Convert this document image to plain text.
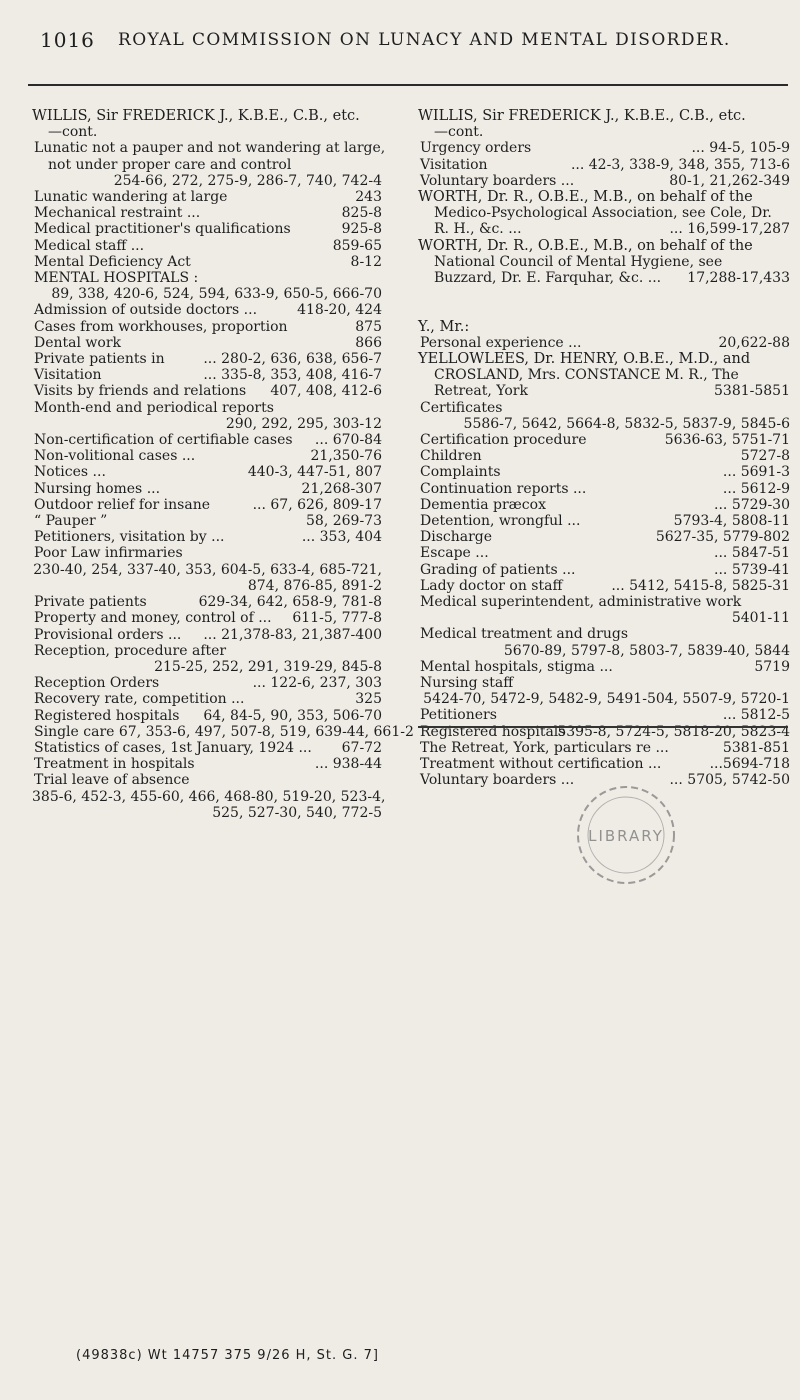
1016 ROYAL COMMISSION ON LUNACY AND MENTAL DISORDER.
WILLIS, Sir FREDERICK J., K.B.E., C.B., etc.
—cont.
Lunatic not a pauper and not wandering at large,
not under proper care and control
254-66, 272, 275-9, 286-7, 740, 742-4
Lunatic wandering at large	243
Mechanical restraint ...	825-8
Medical practitioner's qualifications	925-8
Medical staff ...	859-65
Mental Deficiency Act	8-12
MENTAL HOSPITALS :
89, 338, 420-6, 524, 594, 633-9, 650-5, 666-70
Admission of outside doctors ...	418-20, 424
Cases from workhouses, proportion	875
Dental work	866
Private patients in	... 280-2, 636, 638, 656-7
Visitation	... 335-8, 353, 408, 416-7
Visits by friends and relations 407, 408, 412-6
Month-end and periodical reports
290, 292, 295, 303-12
Non-certification of certifiable cases ... 670-84
Non-volitional cases ...	21,350-76
Notices ...	440-3, 447-51, 807
Nursing homes ...	21,268-307
Outdoor relief for insane	... 67, 626, 809-17
“ Pauper ”	58, 269-73
Petitioners, visitation by ...	... 353, 404
Poor Law infirmaries
230-40, 254, 337-40, 353, 604-5, 633-4, 685-721,
874, 876-85, 891-2
Private patients	629-34, 642, 658-9, 781-8
Property and money, control of ... 611-5, 777-8
Provisional orders ... ... 21,378-83, 21,387-400
Reception, procedure after
215-25, 252, 291, 319-29, 845-8
Reception Orders	... 122-6, 237, 303
Recovery rate, competition ...	325
Registered hospitals 64, 84-5, 90, 353, 506-70
Single care 67, 353-6, 497, 507-8, 519, 639-44, 661-2
Statistics of cases, 1st January, 1924 ... 67-72
Treatment in hospitals	... 938-44
Trial leave of absence
385-6, 452-3, 455-60, 466, 468-80, 519-20, 523-4,
525, 527-30, 540, 772-5
WILLIS, Sir FREDERICK J., K.B.E., C.B., etc.
—cont.
Urgency orders	... 94-5, 105-9
Visitation	... 42-3, 338-9, 348, 355, 713-6
Voluntary boarders ...	80-1, 21,262-349
WORTH, Dr. R., O.B.E., M.B., on behalf of the
Medico-Psychological Association, see Cole, Dr.
R. H., &c. ...	... 16,599-17,287
WORTH, Dr. R., O.B.E., M.B., on behalf of the
National Council of Mental Hygiene, see
Buzzard, Dr. E. Farquhar, &c. ... 17,288-17,433
Y., Mr.:
Personal experience ...	20,622-88
YELLOWLEES, Dr. HENRY, O.B.E., M.D., and
CROSLAND, Mrs. CONSTANCE M. R., The
Retreat, York	5381-5851
Certificates
5586-7, 5642, 5664-8, 5832-5, 5837-9, 5845-6
Certification procedure	5636-63, 5751-71
Children	5727-8
Complaints	... 5691-3
Continuation reports ...	... 5612-9
Dementia præcox	... 5729-30
Detention, wrongful ...	5793-4, 5808-11
Discharge	5627-35, 5779-802
Escape ...	... 5847-51
Grading of patients ...	... 5739-41
Lady doctor on staff	... 5412, 5415-8, 5825-31
Medical superintendent, administrative work
5401-11
Medical treatment and drugs
5670-89, 5797-8, 5803-7, 5839-40, 5844
Mental hospitals, stigma ...	5719
Nursing staff
5424-70, 5472-9, 5482-9, 5491-504, 5507-9, 5720-1
Petitioners	... 5812-5
Registered hospitals
5395-8, 5724-5, 5818-20, 5823-4
The Retreat, York, particulars re ...	5381-851
Treatment without certification ...	...5694-718
Voluntary boarders ...	... 5705, 5742-50
LIBRARY
(49838c) Wt 14757 375 9/26 H, St. G. 7]
